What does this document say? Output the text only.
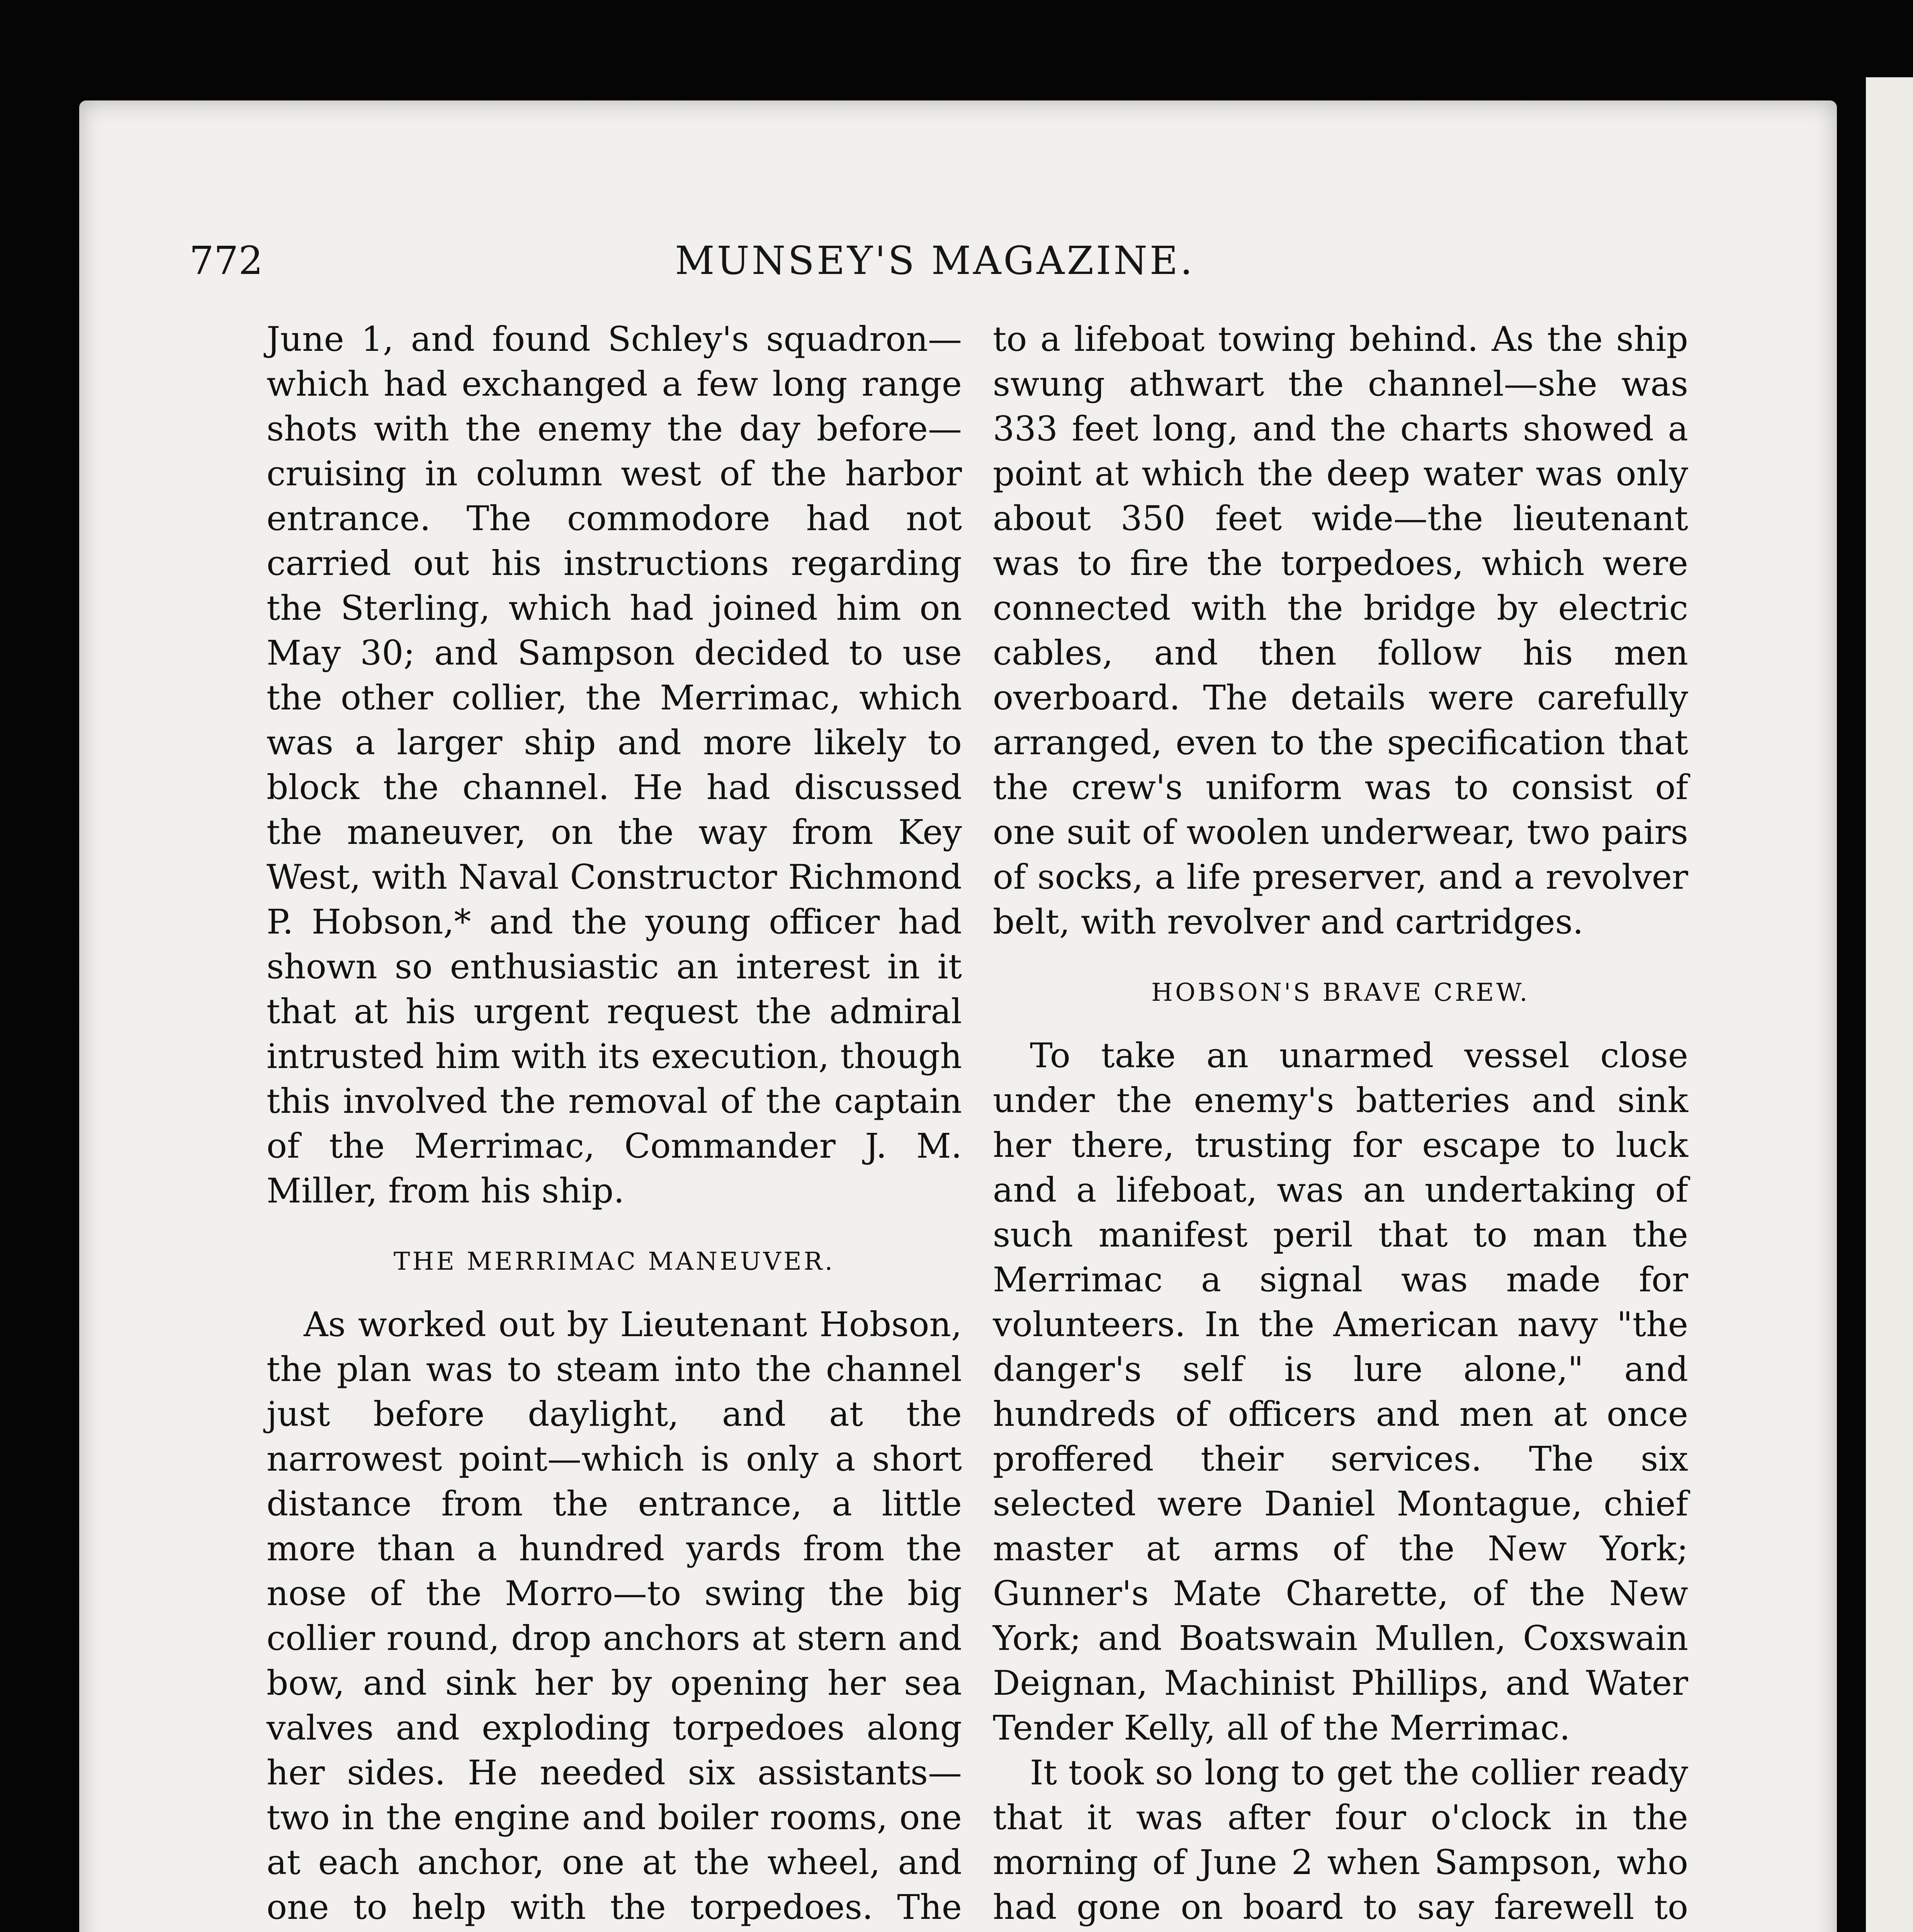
772	MUNSEY'S MAGAZINE.

June 1, and found Schley's squadron—which had exchanged a few long range shots with the enemy the day before—cruising in column west of the harbor entrance. The commodore had not carried out his instructions regarding the Sterling, which had joined him on May 30; and Sampson decided to use the other collier, the Merrimac, which was a larger ship and more likely to block the channel. He had discussed the maneuver, on the way from Key West, with Naval Constructor Richmond P. Hobson,* and the young officer had shown so enthusiastic an interest in it that at his urgent request the admiral intrusted him with its execution, though this involved the removal of the captain of the Merrimac, Commander J. M. Miller, from his ship.

THE MERRIMAC MANEUVER.

As worked out by Lieutenant Hobson, the plan was to steam into the channel just before daylight, and at the narrowest point—which is only a short distance from the entrance, a little more than a hundred yards from the nose of the Morro—to swing the big collier round, drop anchors at stern and bow, and sink her by opening her sea valves and exploding torpedoes along her sides. He needed six assistants—two in the engine and boiler rooms, one at each anchor, one at the wheel, and one to help with the torpedoes. The

to a lifeboat towing behind. As the ship swung athwart the channel—she was 333 feet long, and the charts showed a point at which the deep water was only about 350 feet wide—the lieutenant was to fire the torpedoes, which were connected with the bridge by electric cables, and then follow his men overboard. The details were carefully arranged, even to the specification that the crew's uniform was to consist of one suit of woolen underwear, two pairs of socks, a life preserver, and a revolver belt, with revolver and cartridges.

HOBSON'S BRAVE CREW.

To take an unarmed vessel close under the enemy's batteries and sink her there, trusting for escape to luck and a lifeboat, was an undertaking of such manifest peril that to man the Merrimac a signal was made for volunteers. In the American navy "the danger's self is lure alone," and hundreds of officers and men at once proffered their services. The six selected were Daniel Montague, chief master at arms of the New York; Gunner's Mate Charette, of the New York; and Boatswain Mullen, Coxswain Deignan, Machinist Phillips, and Water Tender Kelly, all of the Merrimac.

It took so long to get the collier ready that it was after four o'clock in the morning of June 2 when Sampson, who had gone on board to say farewell to
